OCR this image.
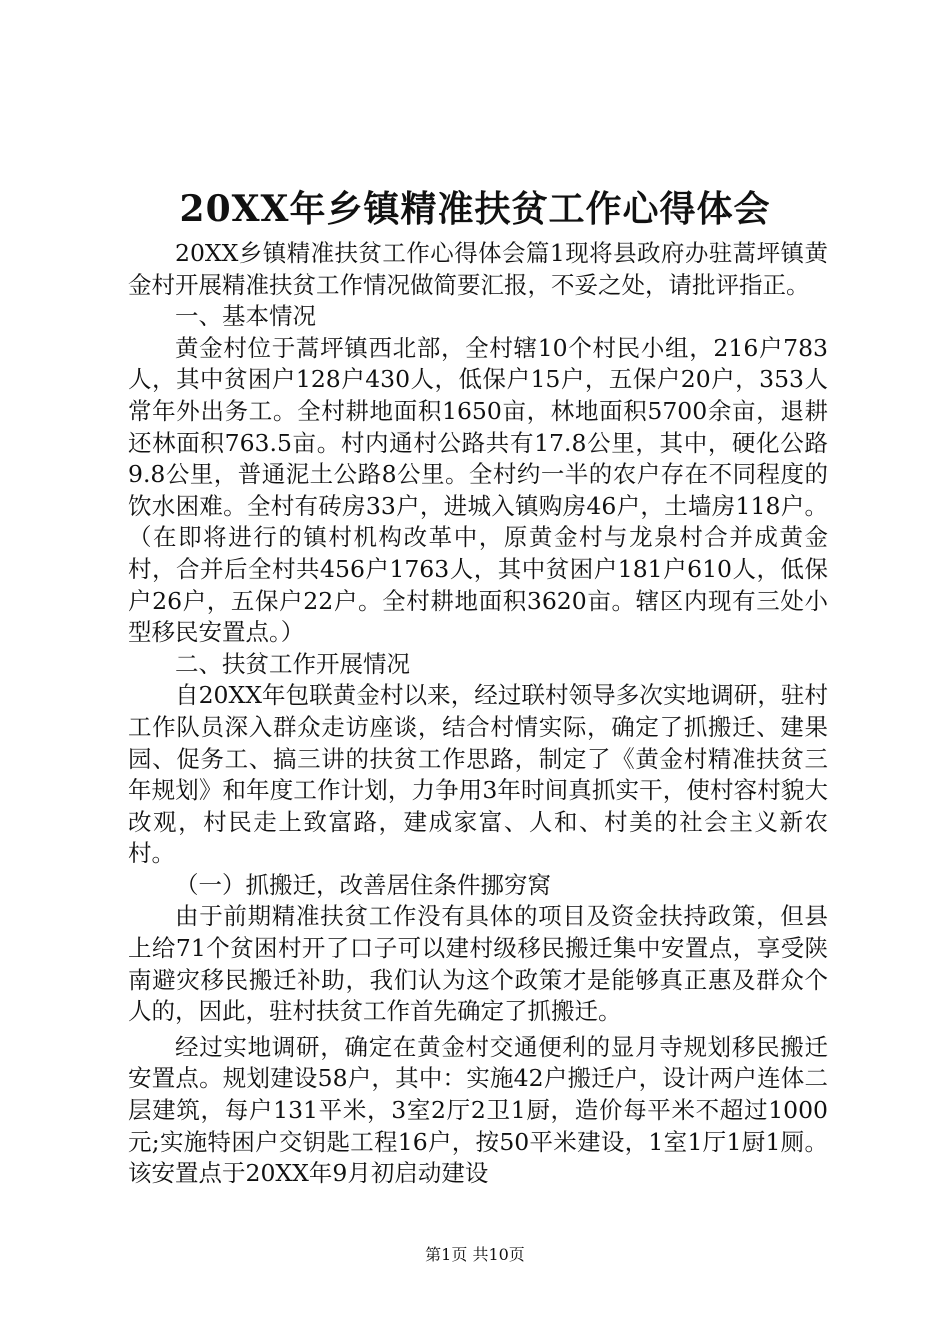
20XX年乡镇精准扶贫工作心得体会

20XX乡镇精准扶贫工作心得体会篇1现将县政府办驻蒿坪镇黄金村开展精准扶贫工作情况做简要汇报，不妥之处，请批评指正。

一、基本情况

黄金村位于蒿坪镇西北部，全村辖10个村民小组，216户783人，其中贫困户128户430人，低保户15户，五保户20户，353人常年外出务工。全村耕地面积1650亩，林地面积5700余亩，退耕还林面积763.5亩。村内通村公路共有17.8公里，其中，硬化公路9.8公里，普通泥土公路8公里。全村约一半的农户存在不同程度的饮水困难。全村有砖房33户，进城入镇购房46户，土墙房118户。（在即将进行的镇村机构改革中，原黄金村与龙泉村合并成黄金村，合并后全村共456户1763人，其中贫困户181户610人，低保户26户，五保户22户。全村耕地面积3620亩。辖区内现有三处小型移民安置点。）

二、扶贫工作开展情况

自20XX年包联黄金村以来，经过联村领导多次实地调研，驻村工作队员深入群众走访座谈，结合村情实际，确定了抓搬迁、建果园、促务工、搞三讲的扶贫工作思路，制定了《黄金村精准扶贫三年规划》和年度工作计划，力争用3年时间真抓实干，使村容村貌大改观，村民走上致富路，建成家富、人和、村美的社会主义新农村。

（一）抓搬迁，改善居住条件挪穷窝

由于前期精准扶贫工作没有具体的项目及资金扶持政策，但县上给71个贫困村开了口子可以建村级移民搬迁集中安置点，享受陕南避灾移民搬迁补助，我们认为这个政策才是能够真正惠及群众个人的，因此，驻村扶贫工作首先确定了抓搬迁。

经过实地调研，确定在黄金村交通便利的显月寺规划移民搬迁安置点。规划建设58户，其中：实施42户搬迁户，设计两户连体二层建筑，每户131平米，3室2厅2卫1厨，造价每平米不超过1000元;实施特困户交钥匙工程16户，按50平米建设，1室1厅1厨1厕。该安置点于20XX年9月初启动建设

第1页 共10页
